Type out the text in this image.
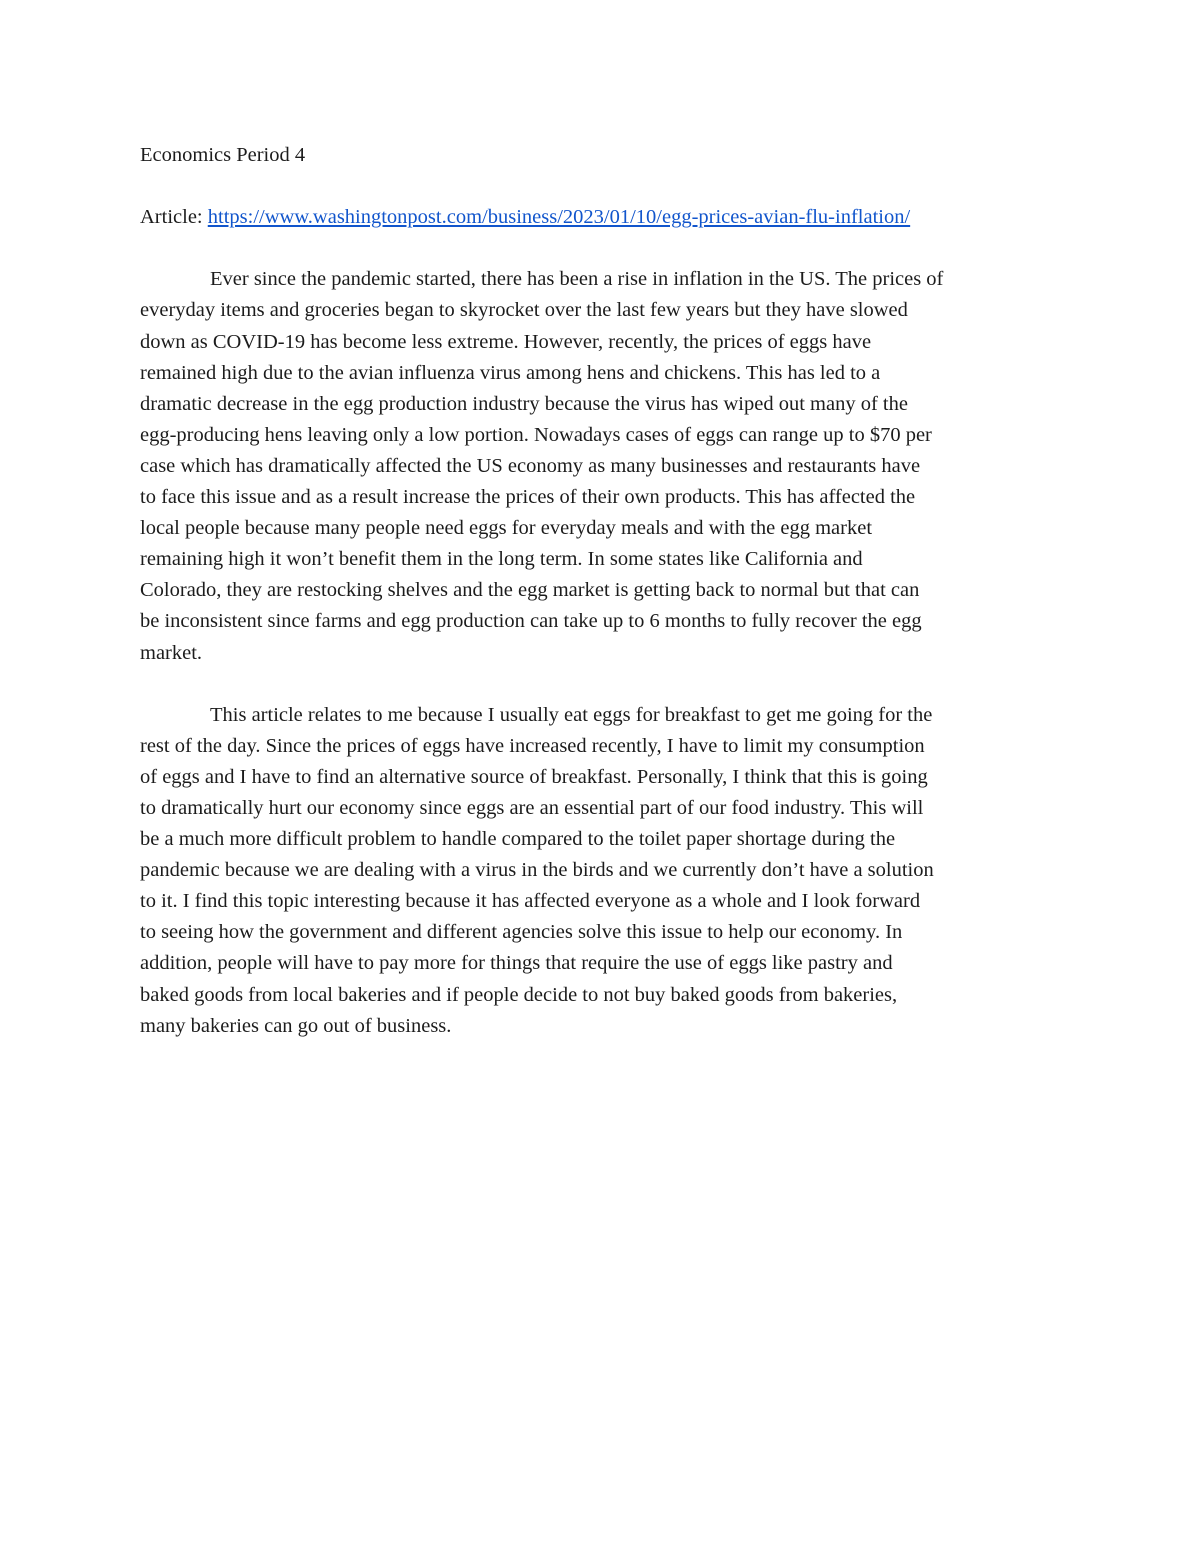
Economics Period 4

Article: https://www.washingtonpost.com/business/2023/01/10/egg-prices-avian-flu-inflation/

Ever since the pandemic started, there has been a rise in inflation in the US. The prices of

everyday items and groceries began to skyrocket over the last few years but they have slowed

down as COVID-19 has become less extreme. However, recently, the prices of eggs have

remained high due to the avian influenza virus among hens and chickens. This has led to a

dramatic decrease in the egg production industry because the virus has wiped out many of the

egg-producing hens leaving only a low portion. Nowadays cases of eggs can range up to $70 per

case which has dramatically affected the US economy as many businesses and restaurants have

to face this issue and as a result increase the prices of their own products. This has affected the

local people because many people need eggs for everyday meals and with the egg market

remaining high it won’t benefit them in the long term. In some states like California and

Colorado, they are restocking shelves and the egg market is getting back to normal but that can

be inconsistent since farms and egg production can take up to 6 months to fully recover the egg

market.

This article relates to me because I usually eat eggs for breakfast to get me going for the

rest of the day. Since the prices of eggs have increased recently, I have to limit my consumption

of eggs and I have to find an alternative source of breakfast. Personally, I think that this is going

to dramatically hurt our economy since eggs are an essential part of our food industry. This will

be a much more difficult problem to handle compared to the toilet paper shortage during the

pandemic because we are dealing with a virus in the birds and we currently don’t have a solution

to it. I find this topic interesting because it has affected everyone as a whole and I look forward

to seeing how the government and different agencies solve this issue to help our economy. In

addition, people will have to pay more for things that require the use of eggs like pastry and

baked goods from local bakeries and if people decide to not buy baked goods from bakeries,

many bakeries can go out of business.
